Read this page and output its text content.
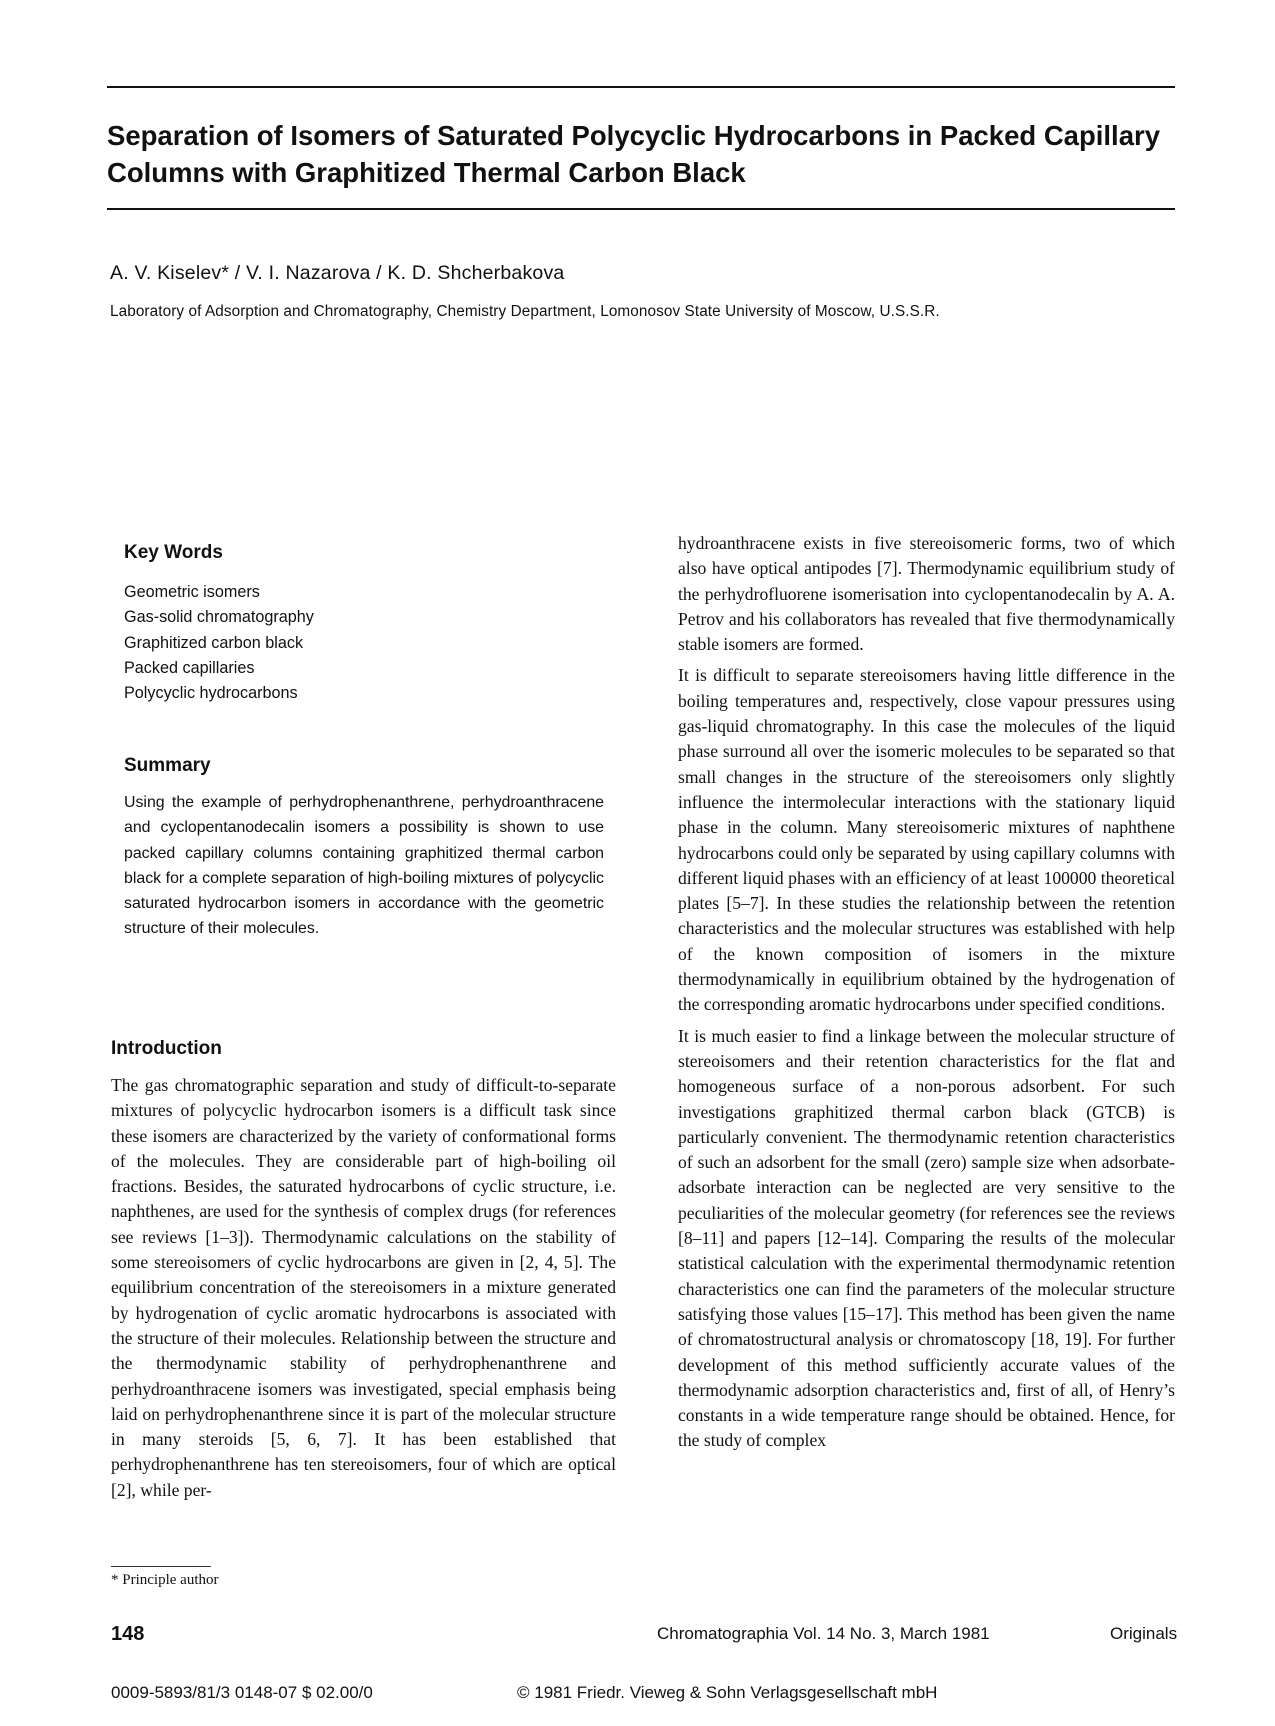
Separation of Isomers of Saturated Polycyclic Hydrocarbons in Packed Capillary Columns with Graphitized Thermal Carbon Black

A. V. Kiselev* / V. I. Nazarova / K. D. Shcherbakova

Laboratory of Adsorption and Chromatography, Chemistry Department, Lomonosov State University of Moscow, U.S.S.R.

Key Words
Geometric isomers
Gas-solid chromatography
Graphitized carbon black
Packed capillaries
Polycyclic hydrocarbons
Summary

Using the example of perhydrophenanthrene, perhydroanthracene and cyclopentanodecalin isomers a possibility is shown to use packed capillary columns containing graphitized thermal carbon black for a complete separation of high-boiling mixtures of polycyclic saturated hydrocarbon isomers in accordance with the geometric structure of their molecules.

Introduction

The gas chromatographic separation and study of difficult-to-separate mixtures of polycyclic hydrocarbon isomers is a difficult task since these isomers are characterized by the variety of conformational forms of the molecules. They are considerable part of high-boiling oil fractions. Besides, the saturated hydrocarbons of cyclic structure, i.e. naphthenes, are used for the synthesis of complex drugs (for references see reviews [1–3]). Thermodynamic calculations on the stability of some stereoisomers of cyclic hydrocarbons are given in [2, 4, 5]. The equilibrium concentration of the stereoisomers in a mixture generated by hydrogenation of cyclic aromatic hydrocarbons is associated with the structure of their molecules. Relationship between the structure and the thermodynamic stability of perhydrophenanthrene and perhydroanthracene isomers was investigated, special emphasis being laid on perhydrophenanthrene since it is part of the molecular structure in many steroids [5, 6, 7]. It has been established that perhydrophenanthrene has ten stereoisomers, four of which are optical [2], while per-

hydroanthracene exists in five stereoisomeric forms, two of which also have optical antipodes [7]. Thermodynamic equilibrium study of the perhydrofluorene isomerisation into cyclopentanodecalin by A. A. Petrov and his collaborators has revealed that five thermodynamically stable isomers are formed.

It is difficult to separate stereoisomers having little difference in the boiling temperatures and, respectively, close vapour pressures using gas-liquid chromatography. In this case the molecules of the liquid phase surround all over the isomeric molecules to be separated so that small changes in the structure of the stereoisomers only slightly influence the intermolecular interactions with the stationary liquid phase in the column. Many stereoisomeric mixtures of naphthene hydrocarbons could only be separated by using capillary columns with different liquid phases with an efficiency of at least 100000 theoretical plates [5–7]. In these studies the relationship between the retention characteristics and the molecular structures was established with help of the known composition of isomers in the mixture thermodynamically in equilibrium obtained by the hydrogenation of the corresponding aromatic hydrocarbons under specified conditions.

It is much easier to find a linkage between the molecular structure of stereoisomers and their retention characteristics for the flat and homogeneous surface of a non-porous adsorbent. For such investigations graphitized thermal carbon black (GTCB) is particularly convenient. The thermodynamic retention characteristics of such an adsorbent for the small (zero) sample size when adsorbate-adsorbate interaction can be neglected are very sensitive to the peculiarities of the molecular geometry (for references see the reviews [8–11] and papers [12–14]. Comparing the results of the molecular statistical calculation with the experimental thermodynamic retention characteristics one can find the parameters of the molecular structure satisfying those values [15–17]. This method has been given the name of chromatostructural analysis or chromatoscopy [18, 19]. For further development of this method sufficiently accurate values of the thermodynamic adsorption characteristics and, first of all, of Henry’s constants in a wide temperature range should be obtained. Hence, for the study of complex

* Principle author

148	Chromatographia Vol. 14 No. 3, March 1981	Originals

0009-5893/81/3 0148-07 $ 02.00/0	© 1981 Friedr. Vieweg & Sohn Verlagsgesellschaft mbH
